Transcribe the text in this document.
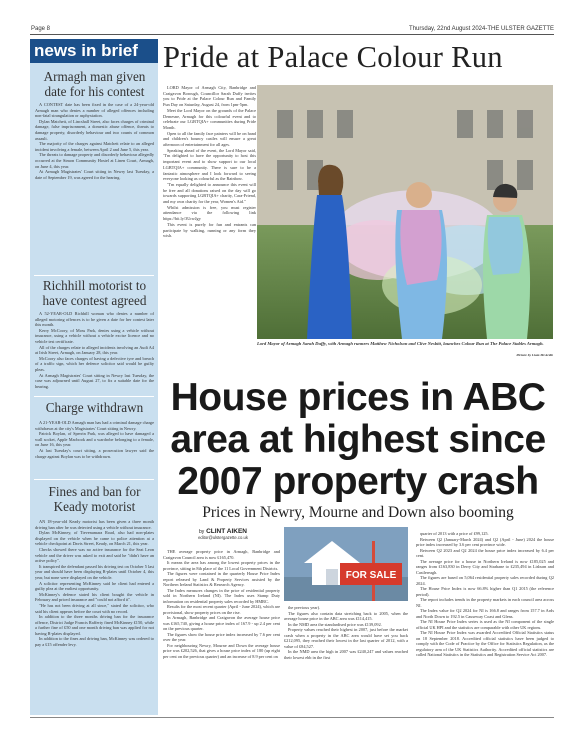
Page 8	Thursday, 22nd August 2024-THE ULSTER GAZETTE
news in brief
Armagh man given date for his contest

A CONTEST date has been fixed in the case of a 24-year-old Armagh man who denies a number of alleged offences including non-fatal strangulation or asphyxiation.

Dylan Matchett, of Lincshall Street, also faces charges of criminal damage, false imprisonment, a domestic abuse offence, threats to damage property, disorderly behaviour and two counts of common assault.

The majority of the charges against Matchett relate to an alleged incident involving a female, between April 2 and June 5, this year.

The threats to damage property and disorderly behaviour allegedly occurred at the Simon Community Hostel at Linen Court, Armagh, on June 4, this year.

At Armagh Magistrates' Court sitting in Newry last Tuesday, a date of September 19, was agreed for the hearing.

Richhill motorist to have contest agreed

A 52-YEAR-OLD Richhill woman who denies a number of alleged motoring offences is to be given a date for her contest later this month.

Kerry McCoory, of Moss Park, denies using a vehicle without insurance, using a vehicle without a vehicle excise licence and no vehicle test certificate.

All of the charges relate to alleged incidents involving an Audi A4 at Irish Street, Armagh, on January 28, this year.

McCoory also faces charges of having a defective tyre and breach of a traffic sign, which her defence solicitor said would be guilty pleas.

At Armagh Magistrates' Court sitting in Newry last Tuesday, the case was adjourned until August 27, to fix a suitable date for the hearing.

Charge withdrawn

A 21-YEAR-OLD Armagh man has had a criminal damage charge withdrawn at the city's Magistrates' Court sitting in Newry.

Patrick Boylan, of Sperrin Park, was alleged to have damaged a wall socket, Apple Macbook and a wardrobe belonging to a female, on June 16, this year.

At last Tuesday's court sitting, a prosecution lawyer said the charge against Boylan was to be withdrawn.

Fines and ban for Keady motorist

AN 18-year-old Keady motorist has been given a three month driving ban after he was detected using a vehicle without insurance.

Dylan McKinney, of Tievenamara Road, also had non-plates displayed on the vehicle when he came to police attention at a vehicle checkpoint at Davis Street, Keady, on March 21, this year.

Checks showed there was no active insurance for the Seat Leon vehicle and the driver was asked to exit and said he "didn't have an active policy".

It transpired the defendant passed his driving test on October 5 last year and should have been displaying R-plates until October 4, this year, but none were displayed on the vehicle.

A solicitor representing McKinney said he client had entered a guilty plea at the earliest opportunity.

McKinney's defence stated his client bought the vehicle in February and priced insurance and "could not afford it".

"He has not been driving at all since," stated the solicitor, who said his client appears before the court with no record.

In addition to the three months driving ban for the insurance offence, District Judge Francis Rafferty fined McKinney £150, while a further fine of £50 and one month driving ban was applied for not having R-plates displayed.

In addition to the fines and driving ban, McKinney was ordered to pay a £15 offender levy.

Pride at Palace Colour Run

LORD Mayor of Armagh City, Banbridge and Craigavon Borough, Councillor Sarah Duffy invites you to Pride at the Palace Colour Run and Family Fun Day on Saturday, August 24, from 1pm-5pm.

Meet the Lord Mayor on the grounds of the Palace Demesne, Armagh for this colourful event and to celebrate our LGBTQIA+ communities during Pride Month.

Open to all the family face painters will be on hand and children's bouncy castles will ensure a great afternoon of entertainment for all ages.

Speaking ahead of the event, the Lord Mayor said, "I'm delighted to have the opportunity to host this important event and to show support to our local LGBTQIA+ community. There is sure to be a fantastic atmosphere and I look forward to seeing everyone looking as colourful as the Rainbow.

"I'm equally delighted to announce this event will be free and all donations raised on the day will go towards supporting LGBTQIA+ charity, Cara-Friend, and my own charity for the year, Women's Aid."

Whilst admission is free, you must register attendance via the following link https://bit.ly/3UrwJgy

This event is purely for fun and entrants can participate by walking, running or any form they wish.

Lord Mayor of Armagh Sarah Duffy, with Armagh runners Matthew Nicholson and Clive Nesbitt, launches Colour Run at The Palace Stables Armagh.
Picture by Liam McArdle
House prices in ABC area at highest since 2007 property crash
Prices in Newry, Mourne and Down also booming
by CLINT AIKEN
editor@ulstergazette.co.uk

THE average property price in Armagh, Banbridge and Craigavon Council area is now £165,470.

It means the area has among the lowest property prices in the province, sitting in 8th place of the 11 Local Government Districts.

The figures were contained in the quarterly House Price Index report released by Land & Property Services assisted by the Northern Ireland Statistics & Research Agency.

The Index measures changes in the price of residential property sold in Northern Ireland (NI). The Index uses Stamp Duty information on residential property sales recorded by HMRC.

Results for the most recent quarter (April - June 2024), which are provisional, show property prices on the rise.

In Armagh, Banbridge and Craigavon the average house price was £165,740, giving a house price index of 167.9 - up 2.4 per cent on the previous quarter.

The figures show the house price index increased by 7.6 per cent over the year.

For neighbouring Newry, Mourne and Down the average house price was £202,526, that gives a house price index of 180 (up eight per cent on the previous quarter) and an increase of 8.9 per cent on

FOR SALE

the previous year).

The figures also contain data stretching back to 2005, when the average house price in the ABC area was £114,415.

In the NMD area the standardised price was £139,092.

Property values reached their highest in 2007, just before the market crash when a property in the ABC area would have set you back £212,095, they reached their lowest in the last quarter of 2012, with a value of £84,527.

In the NMD area the high in 2007 was £240,247 and values reached their lowest ebb in the first

quarter of 2013 with a price of £99,125.

Between Q2 (January-March 2024) and Q2 (April - June) 2024 the house price index increased by 3.6 per cent province wide.

Between Q2 2023 and Q2 2024 the house price index increased by 6.4 per cent.

The average price for a house in Northern Ireland is now £185,025 and ranges from £163,830 in Derry City and Strabane to £235,494 in Lisburn and Castlereagh.

The figures are based on 5,064 residential property sales recorded during Q2 2024.

The House Price Index is now 66.8% higher than Q1 2015 (the reference period).

The report includes trends in the property markets in each council area across NI.

The Index value for Q2 2024 for NI is 166.8 and ranges from 157.7 in Ards and North Down to 192.5 in Causeway Coast and Glens.

The NI House Price Index series is used as the NI component of the single official UK HPI and the statistics are comparable with other UK regions.

The NI House Price Index was awarded Accredited Official Statistics status on 18 September 2018. Accredited official statistics have been judged to comply with the Code of Practice by the Office for Statistics Regulation, as the regulatory arm of the UK Statistics Authority. Accredited official statistics are called National Statistics in the Statistics and Registration Service Act 2007.
